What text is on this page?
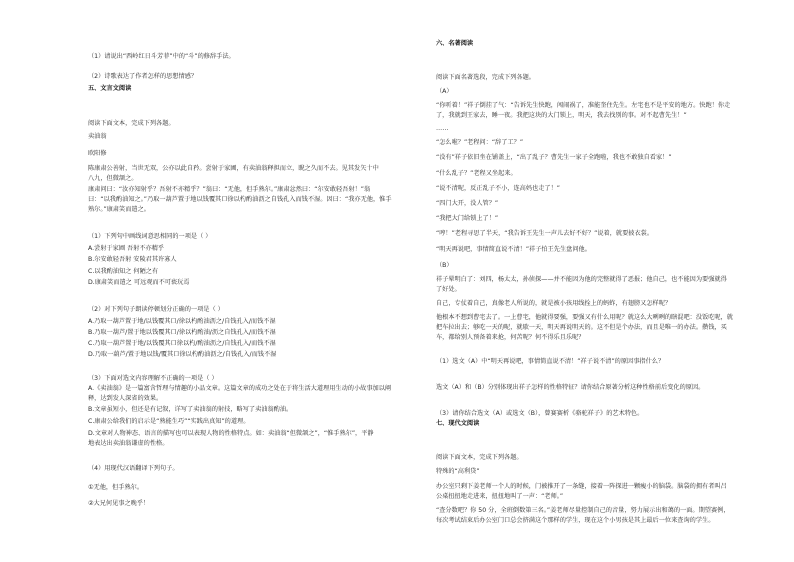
（1）请说出“西岭红日斗芳菲”中的“斗”的修辞手法。
（2）诗歌表达了作者怎样的思想情感？
五、文言文阅读
阅读下面文本，完成下列各题。
卖油翁
欧阳修
陈康肃公善射，当世无双，公亦以此自矜。尝射于家圃，有卖油翁释担而立，睨之久而不去。见其发矢十中
八九，但微颔之。
康肃问曰：“汝亦知射乎？吾射不亦精乎？”翁曰：“无他，但手熟尔。”康肃忿然曰：“尔安敢轻吾射！”翁
曰：“以我酌油知之。”乃取一葫芦置于地以钱覆其口徐以杓酌油沥之自钱孔入而钱不湿。因曰：“我亦无他，惟手
熟尔。”康肃笑而遣之。
（1）下列句中画线词意思相同的一项是（ ）
A.尝射于家圃 吾射不亦精乎
B.尔安敢轻吾射 安陵君其许寡人
C.以我酌油知之 何陋之有
D.康肃笑而遣之 可远观而不可亵玩焉
（2）对下列句子朗读停顿划分正确的一项是（ ）
A.乃取一葫芦置于地/以钱覆其口/徐以杓酌油沥之/自钱孔入/而钱不湿
B.乃取一葫芦/置于地以钱覆其口/徐以杓酌油/沥之自钱孔入/而钱不湿
C.乃取一葫芦置于地/以钱覆其口徐以杓/酌油沥之/自钱孔入/而钱不湿
D.乃取一葫芦/置于地以钱/覆其口徐以杓酌油沥之/自钱孔入/而钱不湿
（3）下面对选文内容理解不正确的一项是（ ）
A.《卖油翁》是一篇富含哲理与情趣的小品文章。这篇文章的成功之处在于将生活大道理用生动的小故事加以阐
释，达到发人深省的效果。
B.文章虽短小，但还是有记叙，详写了卖油翁的射技，略写了卖油翁酌油。
C.康肃公给我们的启示是“熟能生巧”“实践出真知”的道理。
D.文章对人物神态、语言的描写也可以表现人物的性格特点。如：卖油翁“但微颔之”，“惟手熟尔”，平静
地表达出卖油翁谦虚的性格。
（4）用现代汉语翻译下列句子。
①无他，但手熟尔。
②大兄何见事之晚乎！
六、名著阅读
阅读下面名著选段，完成下列各题。
（A）
“你听着！”祥子倒挂了气：“告诉先生快跑，闯闹祸了，准能奎住先生。左宅也不是平安的地方。快跑！你走
了，我就到王家去，睡一夜。我把这块的大门锁上，明天，我去找别的事。对不起曹先生！”
……
“怎么啦？”老程问：“辞了工？”
“没有”祥子依旧坐在铺盖上，“出了乱子？曹先生一家子全跑啦，我也不敢独自看家！”
“什么乱子？”老程又坐起来。
“说不清呢，反正乱子不小，连高妈也走了！”
“四门大开，没人管？”
“我把大门给锁上了！”
“哼！”老程寻思了半天，“我告诉王先生一声儿去好不好？”说着，就要披衣裳。
“明天再说吧，事情简直说不清！”祥子怕王先生盘问他。
（B）
祥子晕明白了：刘四，杨太太，孙侦探——并不能因为他的完整就得了恶报；他自己，也不能因为要强就得
了好处。
自己，专仗着自己，真像老人所说的，就是被小孩用线拴上的蚂蚱，有翅膀又怎样呢？
他根本不想到曹宅去了。一上曹宅，他就得要强，要强又有什么用呢？就这么大咧咧的瞎混吧：没饭吃呢，就
把车拉出去；够吃一天的呢，就歇一天，明天再说明天的。这不但是个办法，而且是唯一的办法。攒钱，买
车，都给别人预备着来抢，何苦呢？何不得乐且乐呢？
（1）选文（A）中“明天再说吧，事情简直说不清！”祥子说不清”的原因事指什么？
选文（A）和（B）分别体现出祥子怎样的性格特征？请你结合原著分析这种性格前后变化的原因。
（3）请你结合选文（A）或选文（B），曾赛赛析《骆驼祥子》的艺术特色。
七、现代文阅读
阅读下面文本，完成下列各题。
特殊的“高利贷”
办公室只剩下姜老师一个人的时候，门被推开了一条缝，接着一阵探进一颗瘦小的脑袋。脑袋的拥有者叫吕
公桌扭扭地走进来，扭扭地叫了一声：“老师。”
“查分数吧？你 50 分，全班倒数第三名。”姜老师尽量控制自己的音量，努力展示出和蔼的一面。期望赛例，
每次考试结束后办公室门口总会挤满这个那样的学生，现在这个小男孩是其上最后一位来查询的学生。
